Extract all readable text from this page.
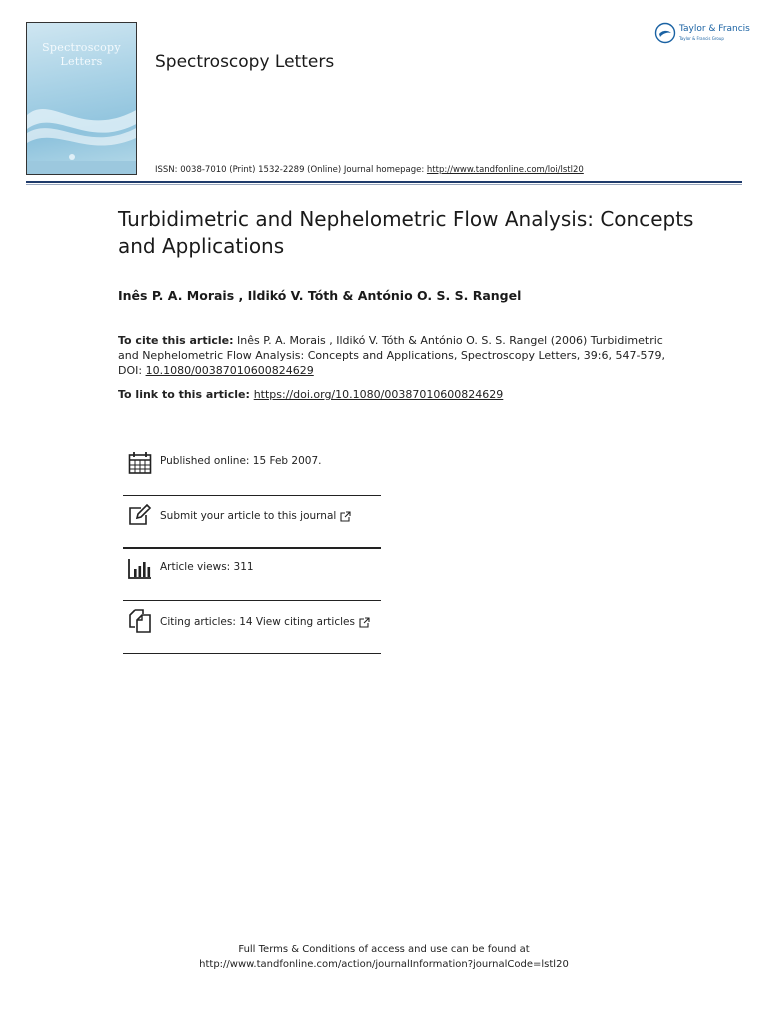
Spectroscopy
Letters	Spectroscopy Letters
Taylor & Francis
Taylor & Francis Group
ISSN: 0038-7010 (Print) 1532-2289 (Online) Journal homepage: http://www.tandfonline.com/loi/lstl20
Turbidimetric and Nephelometric Flow Analysis: Concepts and Applications
Inês P. A. Morais , Ildikó V. Tóth & António O. S. S. Rangel
To cite this article: Inês P. A. Morais , Ildikó V. Tóth & António O. S. S. Rangel (2006) Turbidimetric and Nephelometric Flow Analysis: Concepts and Applications, Spectroscopy Letters, 39:6, 547-579, DOI: 10.1080/00387010600824629
To link to this article: https://doi.org/10.1080/00387010600824629
Published online: 15 Feb 2007.
Submit your article to this journal
Article views: 311
Citing articles: 14 View citing articles
Full Terms & Conditions of access and use can be found at
http://www.tandfonline.com/action/journalInformation?journalCode=lstl20
